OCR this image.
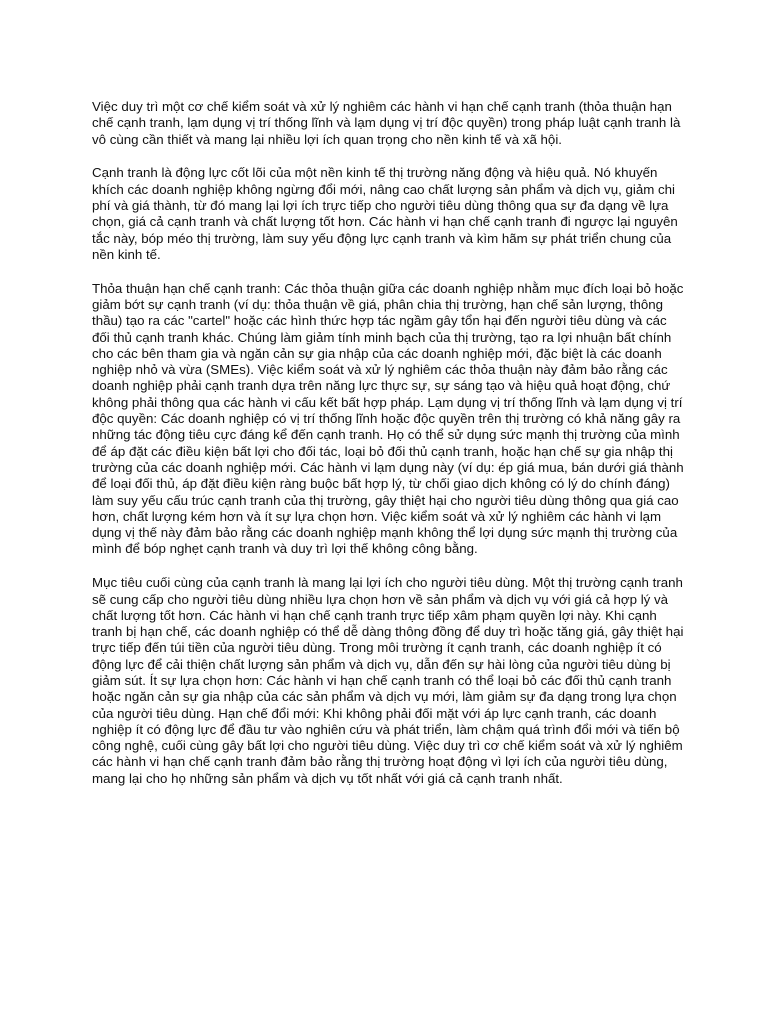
Việc duy trì một cơ chế kiểm soát và xử lý nghiêm các hành vi hạn chế cạnh tranh (thỏa thuận hạn chế cạnh tranh, lạm dụng vị trí thống lĩnh và lạm dụng vị trí độc quyền) trong pháp luật cạnh tranh là vô cùng cần thiết và mang lại nhiều lợi ích quan trọng cho nền kinh tế và xã hội.

Cạnh tranh là động lực cốt lõi của một nền kinh tế thị trường năng động và hiệu quả. Nó khuyến khích các doanh nghiệp không ngừng đổi mới, nâng cao chất lượng sản phẩm và dịch vụ, giảm chi phí và giá thành, từ đó mang lại lợi ích trực tiếp cho người tiêu dùng thông qua sự đa dạng về lựa chọn, giá cả cạnh tranh và chất lượng tốt hơn. Các hành vi hạn chế cạnh tranh đi ngược lại nguyên tắc này, bóp méo thị trường, làm suy yếu động lực cạnh tranh và kìm hãm sự phát triển chung của nền kinh tế.

Thỏa thuận hạn chế cạnh tranh: Các thỏa thuận giữa các doanh nghiệp nhằm mục đích loại bỏ hoặc giảm bớt sự cạnh tranh (ví dụ: thỏa thuận về giá, phân chia thị trường, hạn chế sản lượng, thông thầu) tạo ra các "cartel" hoặc các hình thức hợp tác ngầm gây tổn hại đến người tiêu dùng và các đối thủ cạnh tranh khác. Chúng làm giảm tính minh bạch của thị trường, tạo ra lợi nhuận bất chính cho các bên tham gia và ngăn cản sự gia nhập của các doanh nghiệp mới, đặc biệt là các doanh nghiệp nhỏ và vừa (SMEs). Việc kiểm soát và xử lý nghiêm các thỏa thuận này đảm bảo rằng các doanh nghiệp phải cạnh tranh dựa trên năng lực thực sự, sự sáng tạo và hiệu quả hoạt động, chứ không phải thông qua các hành vi cấu kết bất hợp pháp. Lạm dụng vị trí thống lĩnh và lạm dụng vị trí độc quyền: Các doanh nghiệp có vị trí thống lĩnh hoặc độc quyền trên thị trường có khả năng gây ra những tác động tiêu cực đáng kể đến cạnh tranh. Họ có thể sử dụng sức mạnh thị trường của mình để áp đặt các điều kiện bất lợi cho đối tác, loại bỏ đối thủ cạnh tranh, hoặc hạn chế sự gia nhập thị trường của các doanh nghiệp mới. Các hành vi lạm dụng này (ví dụ: ép giá mua, bán dưới giá thành để loại đối thủ, áp đặt điều kiện ràng buộc bất hợp lý, từ chối giao dịch không có lý do chính đáng) làm suy yếu cấu trúc cạnh tranh của thị trường, gây thiệt hại cho người tiêu dùng thông qua giá cao hơn, chất lượng kém hơn và ít sự lựa chọn hơn. Việc kiểm soát và xử lý nghiêm các hành vi lạm dụng vị thế này đảm bảo rằng các doanh nghiệp mạnh không thể lợi dụng sức mạnh thị trường của mình để bóp nghẹt cạnh tranh và duy trì lợi thế không công bằng.

Mục tiêu cuối cùng của cạnh tranh là mang lại lợi ích cho người tiêu dùng. Một thị trường cạnh tranh sẽ cung cấp cho người tiêu dùng nhiều lựa chọn hơn về sản phẩm và dịch vụ với giá cả hợp lý và chất lượng tốt hơn. Các hành vi hạn chế cạnh tranh trực tiếp xâm phạm quyền lợi này. Khi cạnh tranh bị hạn chế, các doanh nghiệp có thể dễ dàng thông đồng để duy trì hoặc tăng giá, gây thiệt hại trực tiếp đến túi tiền của người tiêu dùng. Trong môi trường ít cạnh tranh, các doanh nghiệp ít có động lực để cải thiện chất lượng sản phẩm và dịch vụ, dẫn đến sự hài lòng của người tiêu dùng bị giảm sút. Ít sự lựa chọn hơn: Các hành vi hạn chế cạnh tranh có thể loại bỏ các đối thủ cạnh tranh hoặc ngăn cản sự gia nhập của các sản phẩm và dịch vụ mới, làm giảm sự đa dạng trong lựa chọn của người tiêu dùng. Hạn chế đổi mới: Khi không phải đối mặt với áp lực cạnh tranh, các doanh nghiệp ít có động lực để đầu tư vào nghiên cứu và phát triển, làm chậm quá trình đổi mới và tiến bộ công nghệ, cuối cùng gây bất lợi cho người tiêu dùng. Việc duy trì cơ chế kiểm soát và xử lý nghiêm các hành vi hạn chế cạnh tranh đảm bảo rằng thị trường hoạt động vì lợi ích của người tiêu dùng, mang lại cho họ những sản phẩm và dịch vụ tốt nhất với giá cả cạnh tranh nhất.
